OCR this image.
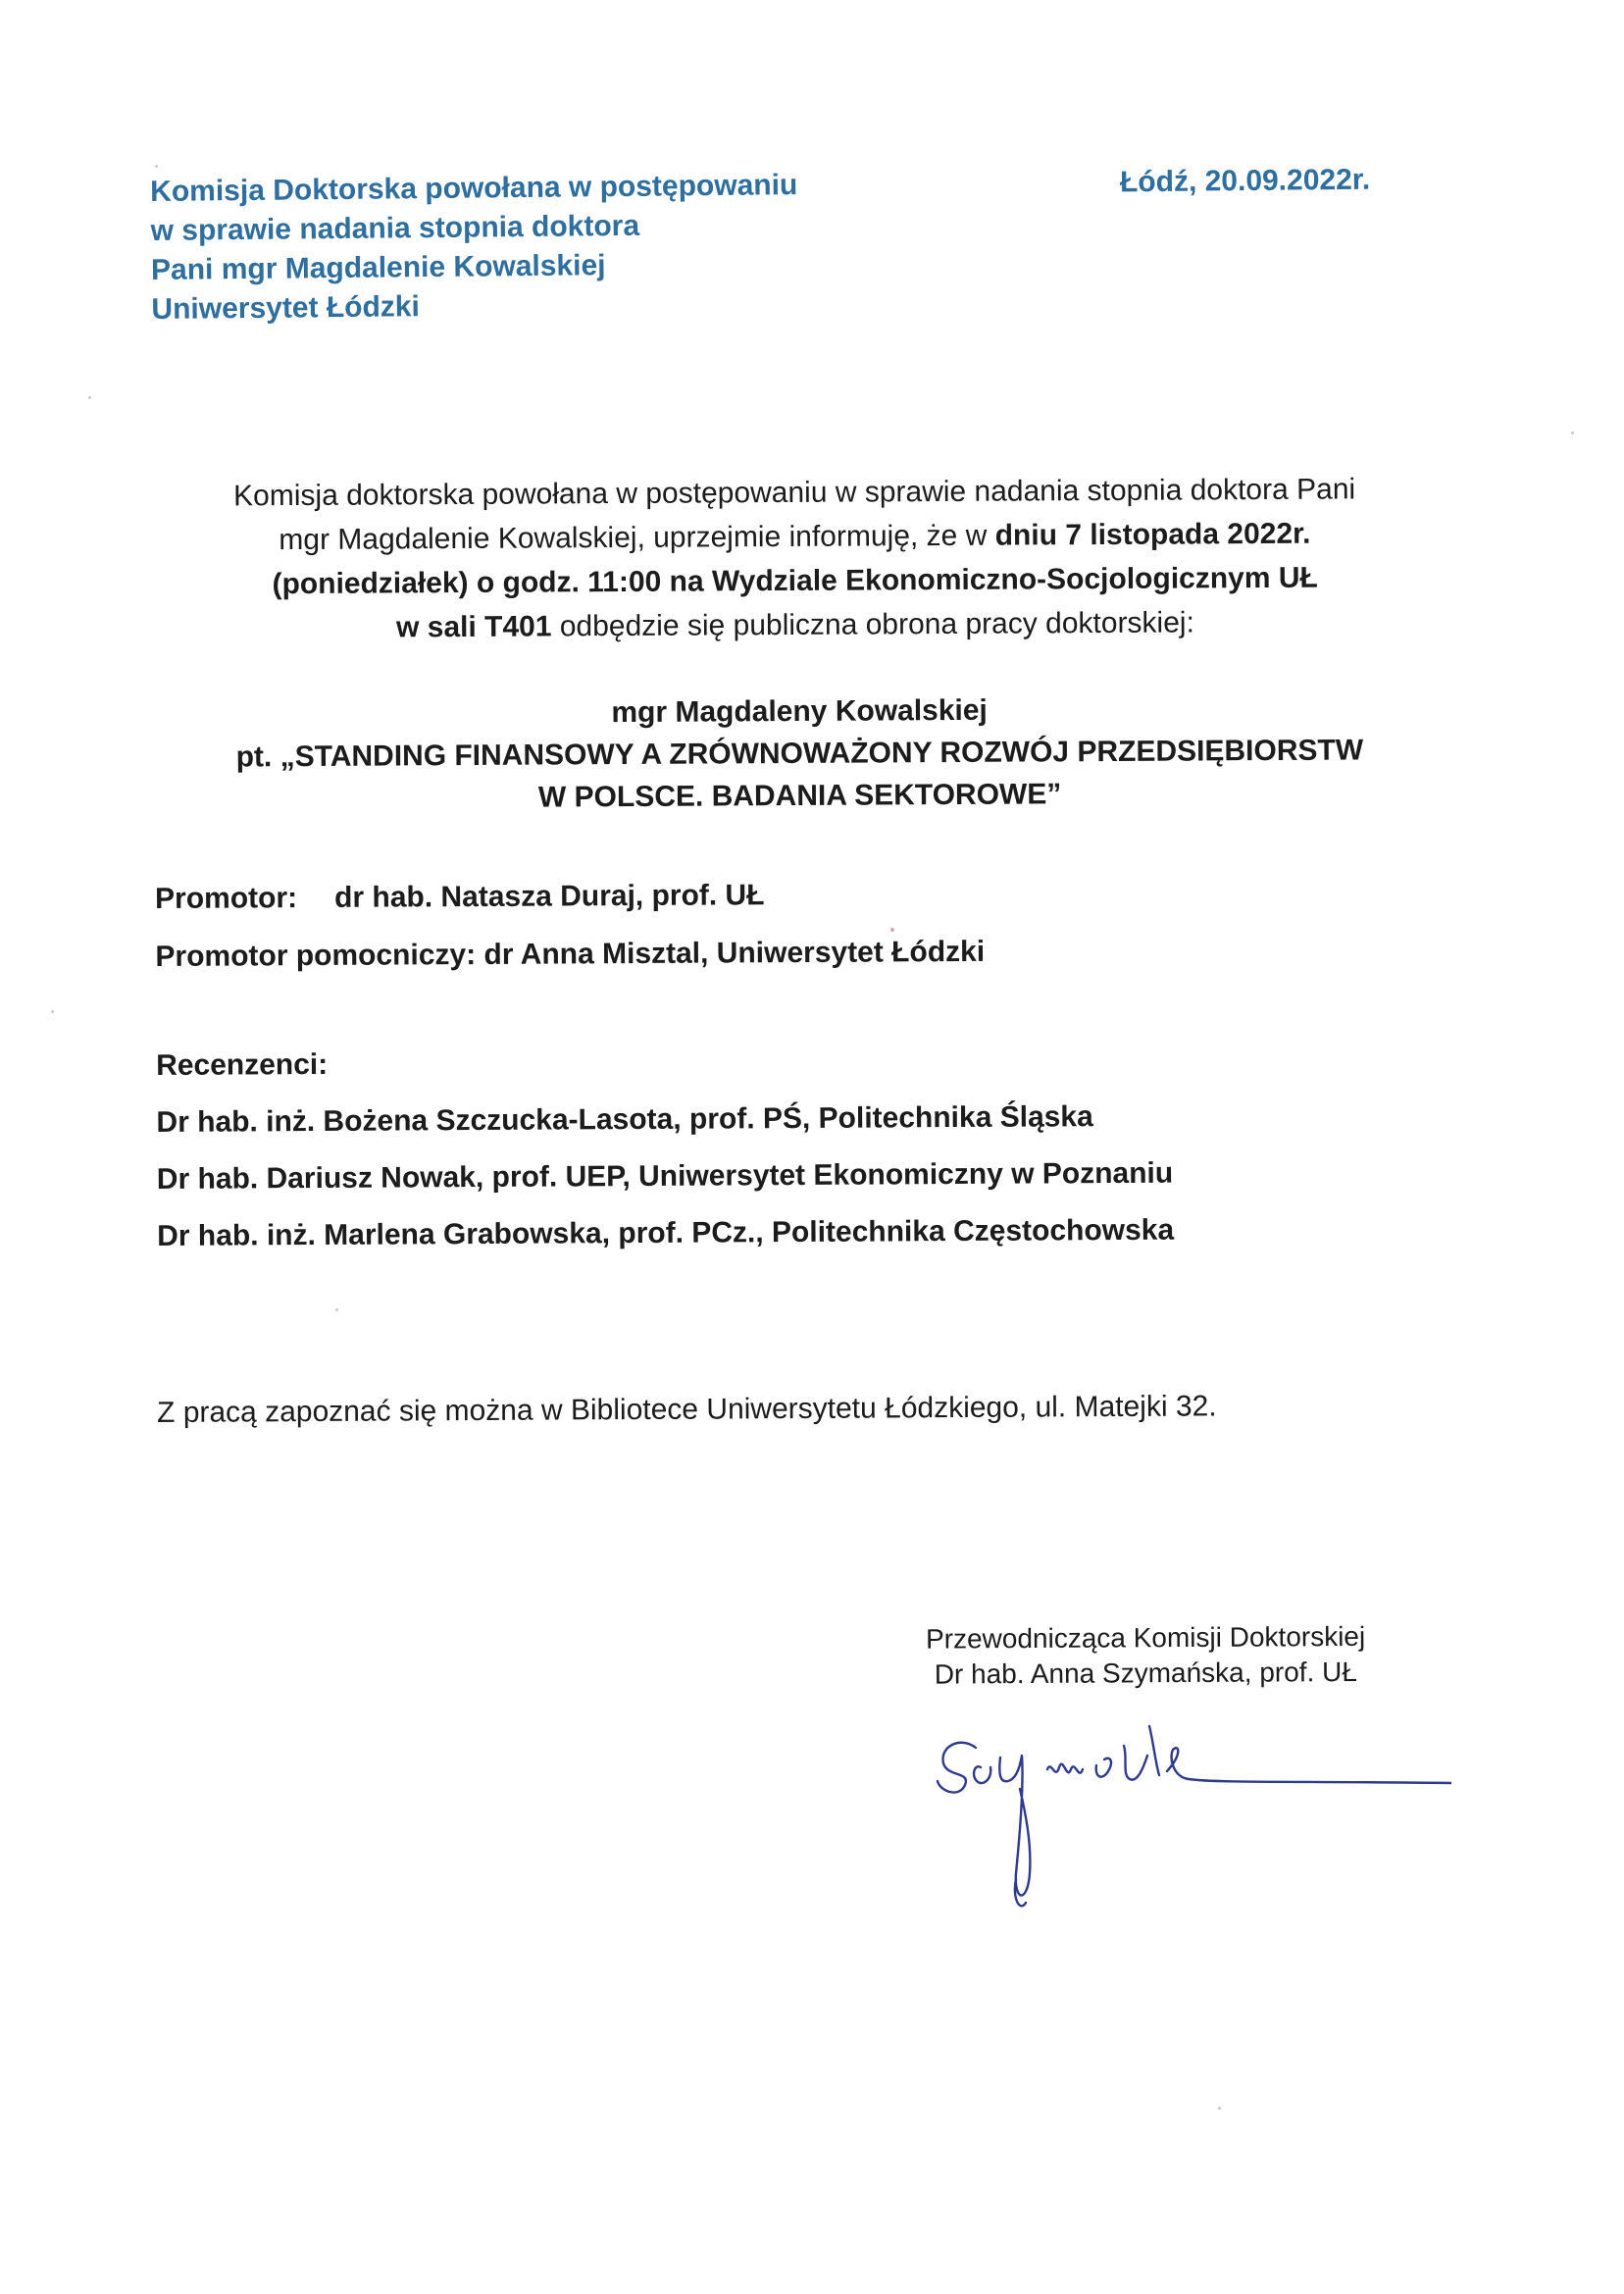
Komisja Doktorska powołana w postępowaniu
w sprawie nadania stopnia doktora
Pani mgr Magdalenie Kowalskiej
Uniwersytet Łódzki
Łódź, 20.09.2022r.
Komisja doktorska powołana w postępowaniu w sprawie nadania stopnia doktora Pani
mgr Magdalenie Kowalskiej, uprzejmie informuję, że w dniu 7 listopada 2022r.
(poniedziałek) o godz. 11:00 na Wydziale Ekonomiczno-Socjologicznym UŁ
w sali T401 odbędzie się publiczna obrona pracy doktorskiej:
mgr Magdaleny Kowalskiej
pt. „STANDING FINANSOWY A ZRÓWNOWAŻONY ROZWÓJ PRZEDSIĘBIORSTW
W POLSCE. BADANIA SEKTOROWE”
Promotor: dr hab. Natasza Duraj, prof. UŁ
Promotor pomocniczy: dr Anna Misztal, Uniwersytet Łódzki
Recenzenci:
Dr hab. inż. Bożena Szczucka-Lasota, prof. PŚ, Politechnika Śląska
Dr hab. Dariusz Nowak, prof. UEP, Uniwersytet Ekonomiczny w Poznaniu
Dr hab. inż. Marlena Grabowska, prof. PCz., Politechnika Częstochowska
Z pracą zapoznać się można w Bibliotece Uniwersytetu Łódzkiego, ul. Matejki 32.
Przewodnicząca Komisji Doktorskiej
Dr hab. Anna Szymańska, prof. UŁ
